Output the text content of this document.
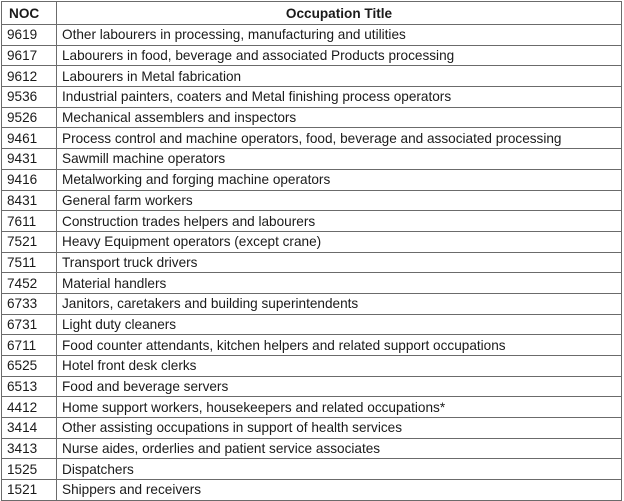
NOC	Occupation Title
9619	Other labourers in processing, manufacturing and utilities
9617	Labourers in food, beverage and associated Products processing
9612	Labourers in Metal fabrication
9536	Industrial painters, coaters and Metal finishing process operators
9526	Mechanical assemblers and inspectors
9461	Process control and machine operators, food, beverage and associated processing
9431	Sawmill machine operators
9416	Metalworking and forging machine operators
8431	General farm workers
7611	Construction trades helpers and labourers
7521	Heavy Equipment operators (except crane)
7511	Transport truck drivers
7452	Material handlers
6733	Janitors, caretakers and building superintendents
6731	Light duty cleaners
6711	Food counter attendants, kitchen helpers and related support occupations
6525	Hotel front desk clerks
6513	Food and beverage servers
4412	Home support workers, housekeepers and related occupations*
3414	Other assisting occupations in support of health services
3413	Nurse aides, orderlies and patient service associates
1525	Dispatchers
1521	Shippers and receivers
